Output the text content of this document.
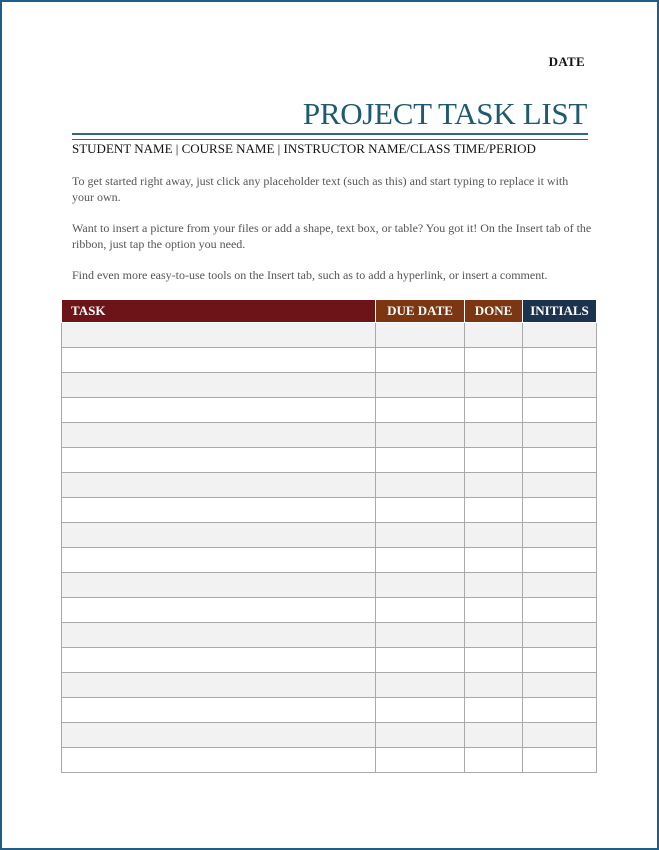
DATE
PROJECT TASK LIST
STUDENT NAME | COURSE NAME | INSTRUCTOR NAME/CLASS TIME/PERIOD
To get started right away, just click any placeholder text (such as this) and start typing to replace it with your own.
Want to insert a picture from your files or add a shape, text box, or table? You got it! On the Insert tab of the ribbon, just tap the option you need.
Find even more easy-to-use tools on the Insert tab, such as to add a hyperlink, or insert a comment.
TASK	DUE DATE	DONE	INITIALS
